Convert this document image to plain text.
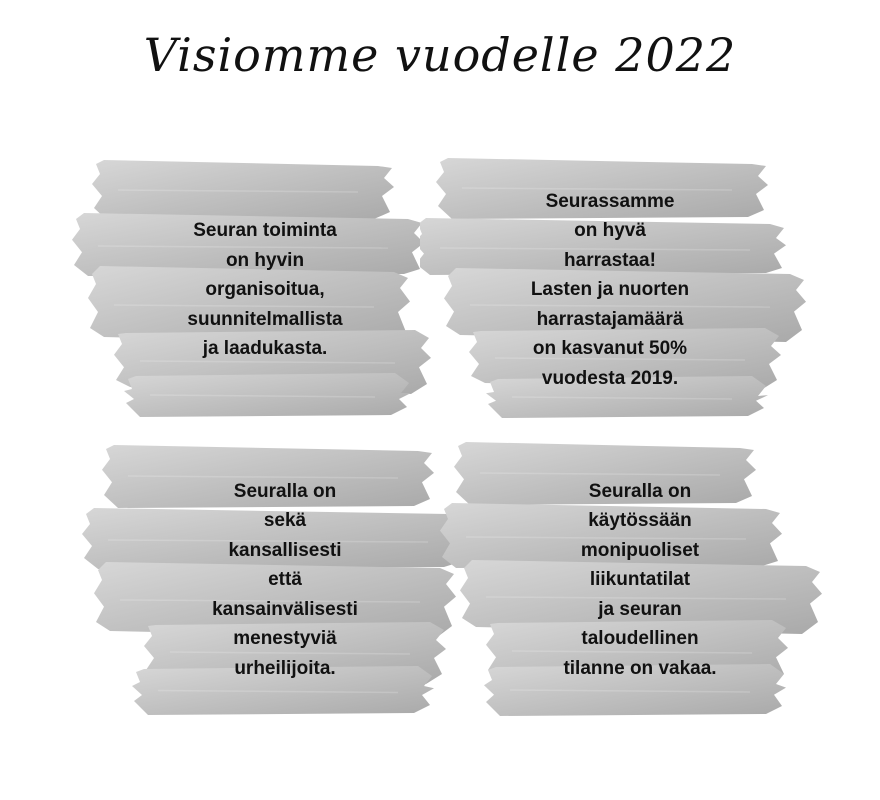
Visiomme vuodelle 2022
Seuran toiminta
on hyvin
organisoitua,
suunnitelmallista
ja laadukasta.
Seurassamme
on hyvä
harrastaa!
Lasten ja nuorten
harrastajamäärä
on kasvanut 50%
vuodesta 2019.
Seuralla on
sekä
kansallisesti
että
kansainvälisesti
menestyviä
urheilijoita.
Seuralla on
käytössään
monipuoliset
liikuntatilat
ja seuran
taloudellinen
tilanne on vakaa.
